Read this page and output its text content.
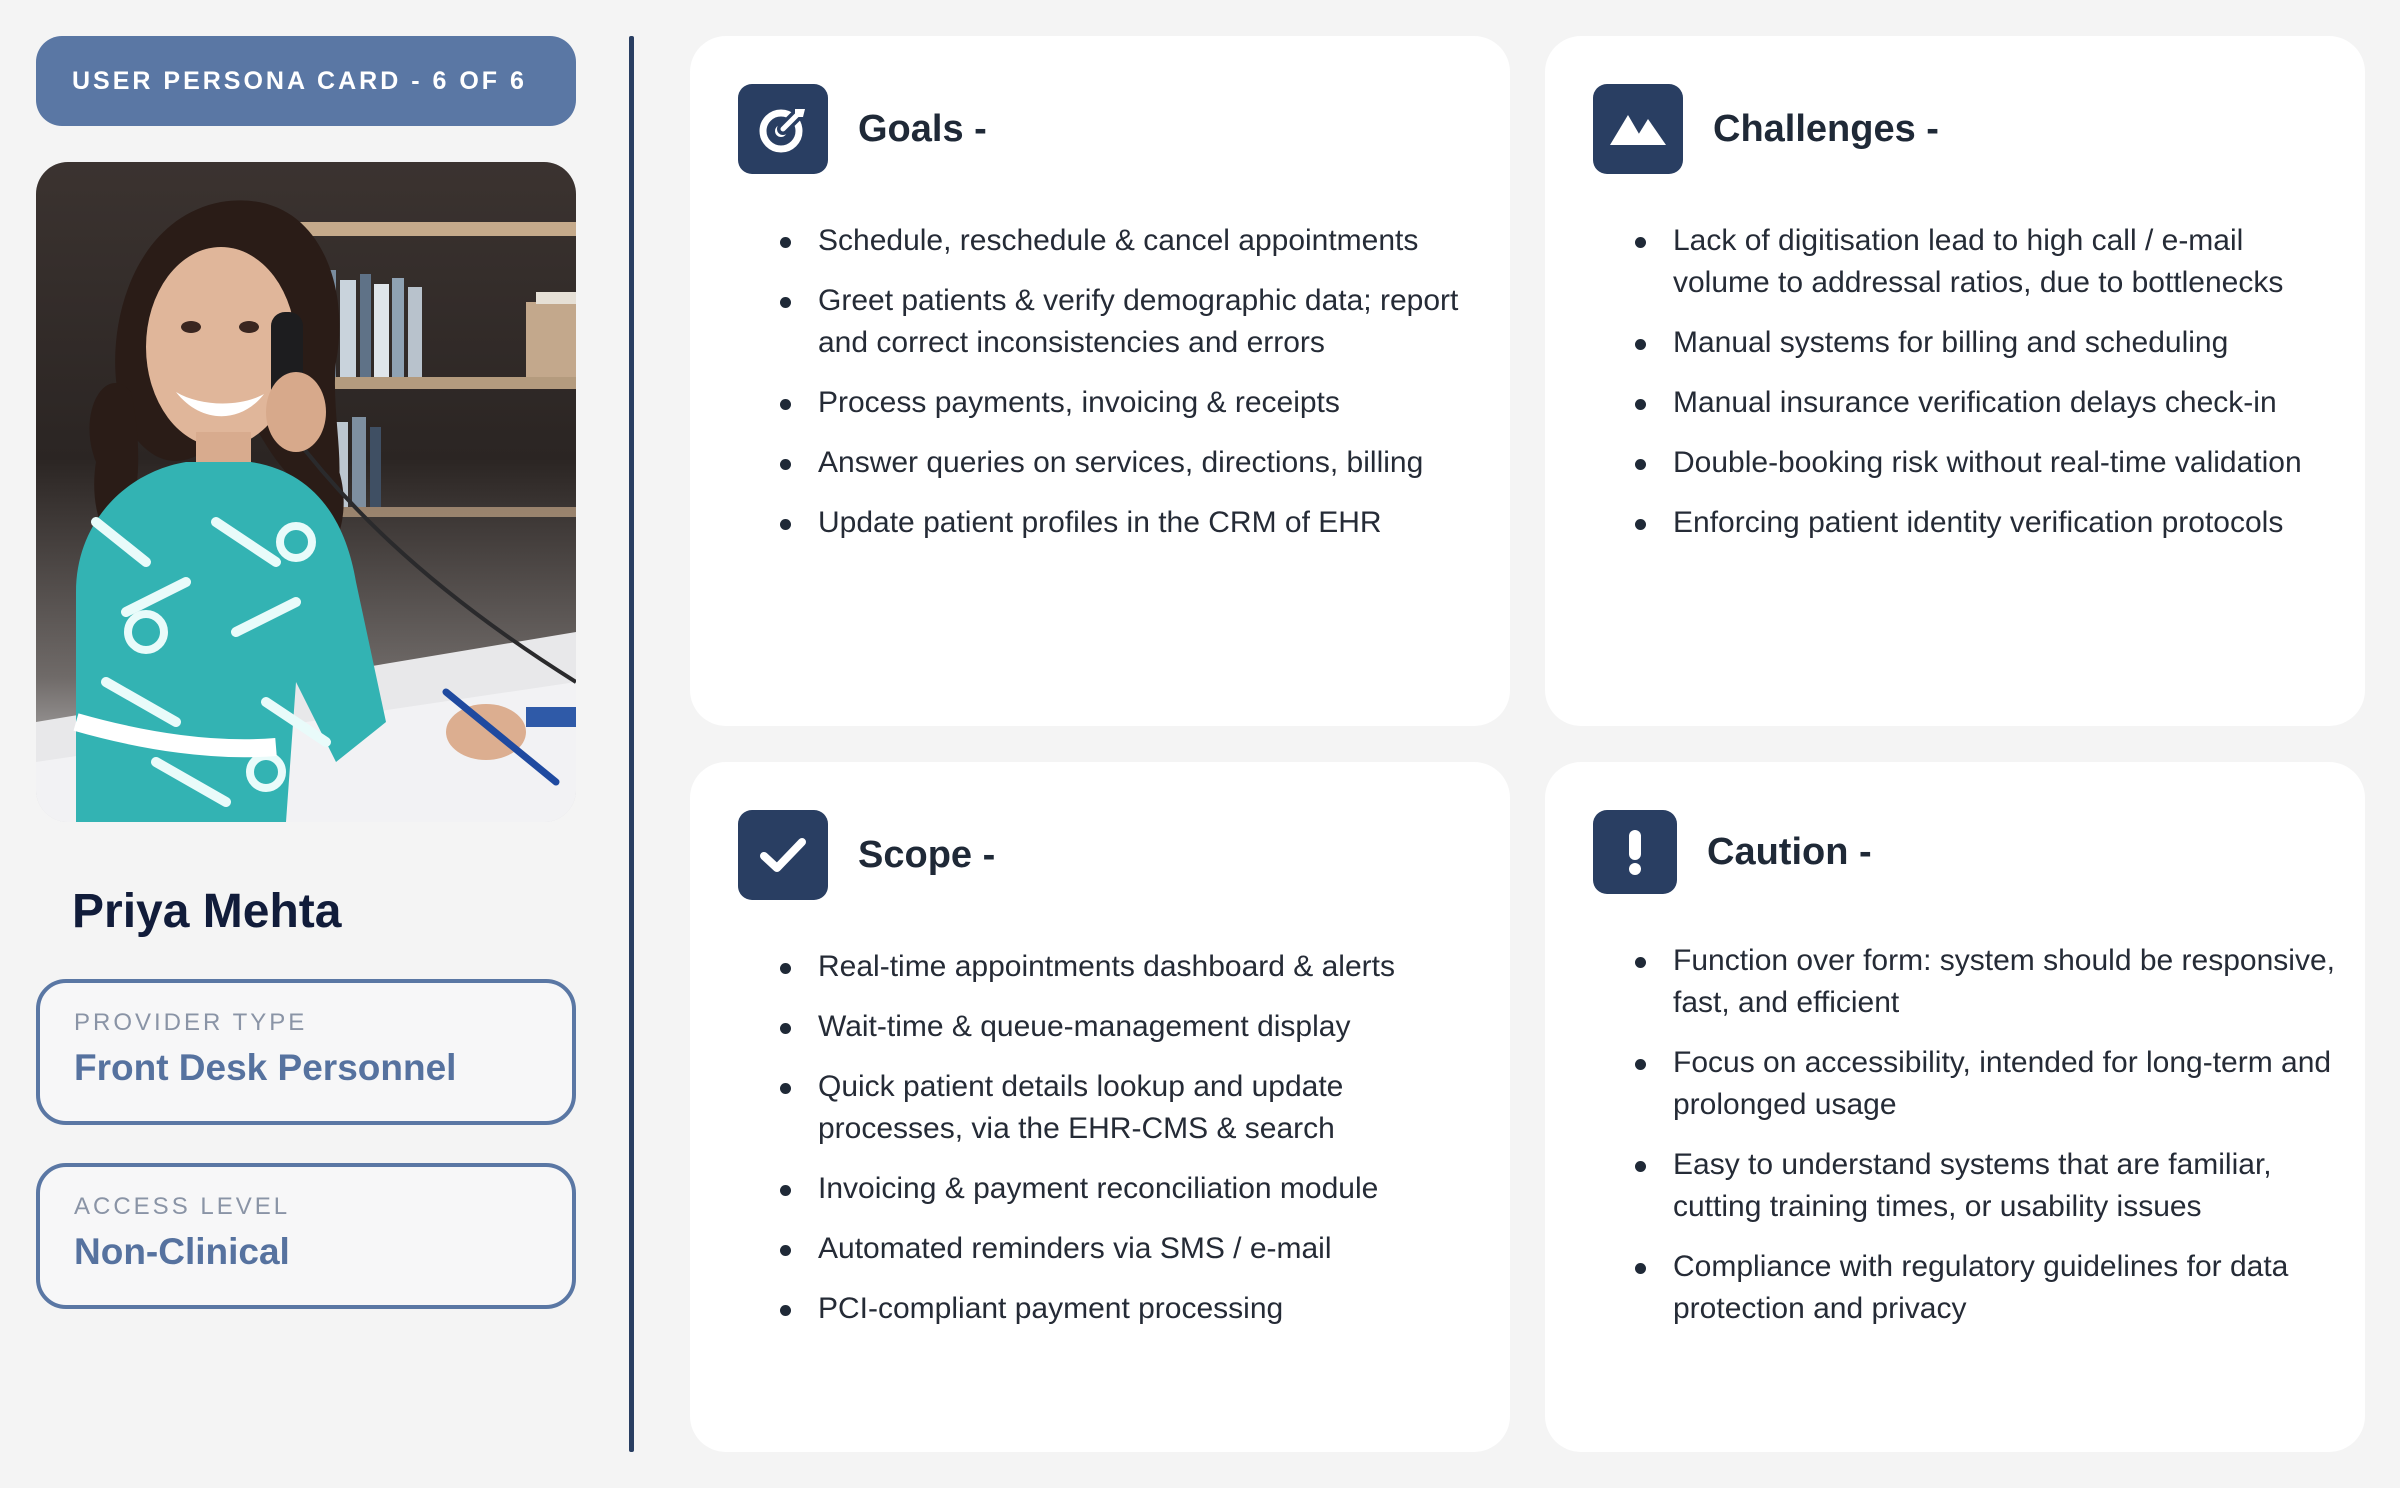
USER PERSONA CARD - 6 OF 6
Priya Mehta
PROVIDER TYPE
Front Desk Personnel
ACCESS LEVEL
Non-Clinical
Goals -
Schedule, reschedule & cancel appointments
Greet patients & verify demographic data; report and correct inconsistencies and errors
Process payments, invoicing & receipts
Answer queries on services, directions, billing
Update patient profiles in the CRM of EHR
Challenges -
Lack of digitisation lead to high call / e-mail volume to addressal ratios, due to bottlenecks
Manual systems for billing and scheduling
Manual insurance verification delays check-in
Double-booking risk without real-time validation
Enforcing patient identity verification protocols
Scope -
Real-time appointments dashboard & alerts
Wait-time & queue-management display
Quick patient details lookup and update processes, via the EHR-CMS & search
Invoicing & payment reconciliation module
Automated reminders via SMS / e-mail
PCI-compliant payment processing
Caution -
Function over form: system should be responsive, fast, and efficient
Focus on accessibility, intended for long-term and prolonged usage
Easy to understand systems that are familiar, cutting training times, or usability issues
Compliance with regulatory guidelines for data protection and privacy
